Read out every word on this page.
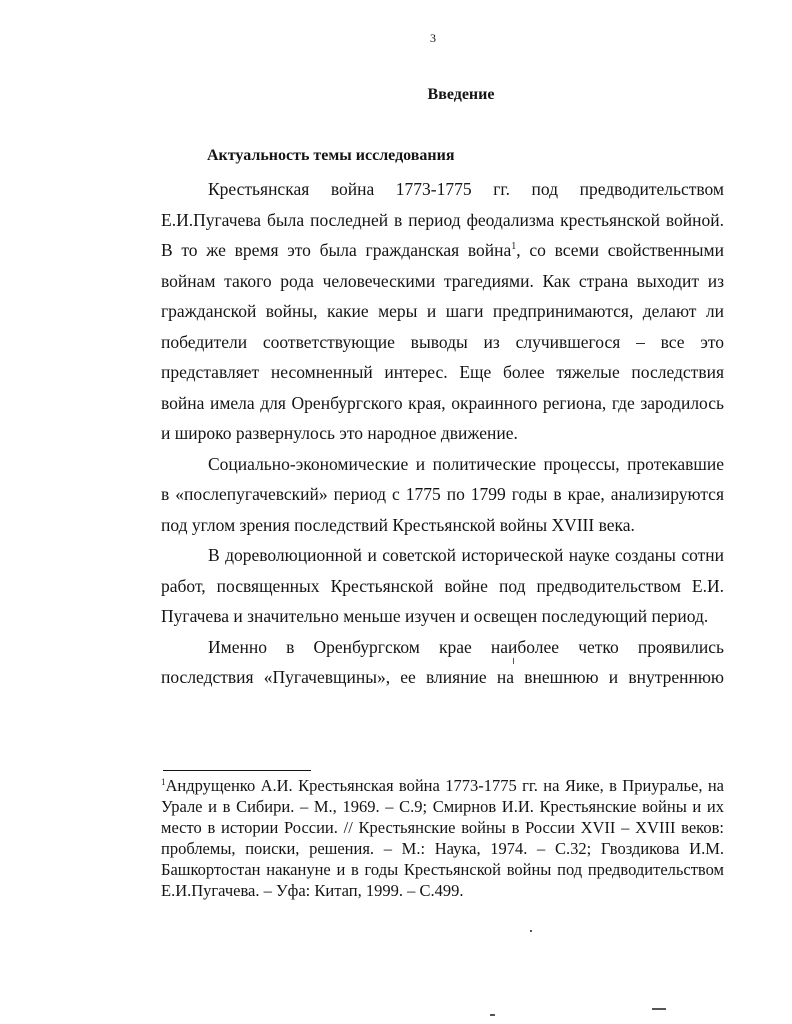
3
Введение
Актуальность темы исследования

Крестьянская война 1773-1775 гг. под предводительством Е.И.Пугачева была последней в период феодализма крестьянской войной. В то же время это была гражданская война$^1$, со всеми свойственными войнам такого рода человеческими трагедиями. Как страна выходит из гражданской войны, какие меры и шаги предпринимаются, делают ли победители соответствующие выводы из случившегося – все это представляет несомненный интерес. Еще более тяжелые последствия война имела для Оренбургского края, окраинного региона, где зародилось и широко развернулось это народное движение.

Социально-экономические и политические процессы, протекавшие в «послепугачевский» период с 1775 по 1799 годы в крае, анализируются под углом зрения последствий Крестьянской войны XVIII века.

В дореволюционной и советской исторической науке созданы сотни работ, посвященных Крестьянской войне под предводительством Е.И. Пугачева и значительно меньше изучен и освещен последующий период.

Именно в Оренбургском крае наиболее четко проявились последствия «Пугачевщины», ее влияние на внешнюю и внутреннюю

$^1$Андрущенко А.И. Крестьянская война 1773-1775 гг. на Яике, в Приуралье, на Урале и в Сибири. – М., 1969. – С.9; Смирнов И.И. Крестьянские войны и их место в истории России. // Крестьянские войны в России XVII – XVIII веков: проблемы, поиски, решения. – М.: Наука, 1974. – С.32; Гвоздикова И.М. Башкортостан накануне и в годы Крестьянской войны под предводительством Е.И.Пугачева. – Уфа: Китап, 1999. – С.499.
